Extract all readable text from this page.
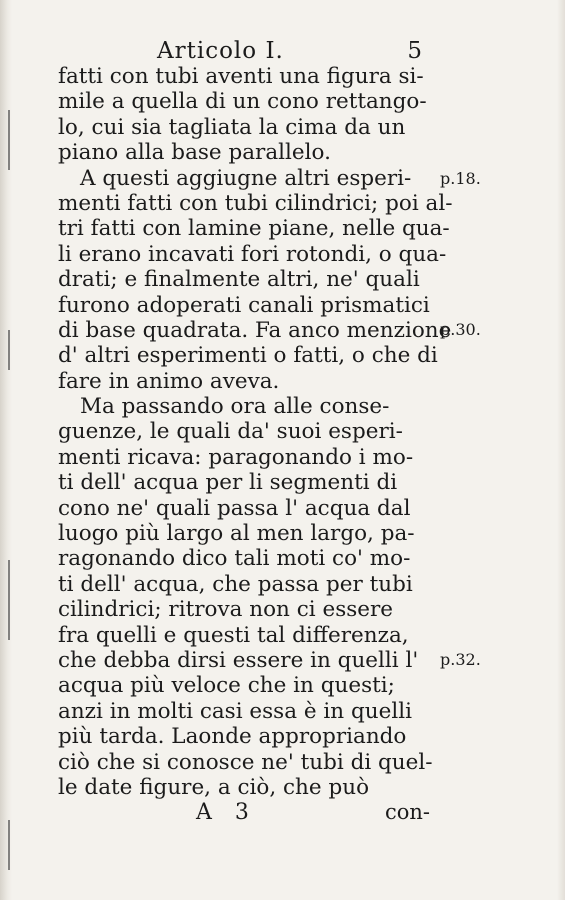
Articolo I.	5
fatti con tubi aventi una figura si-
mile a quella di un cono rettango-
lo, cui sia tagliata la cima da un
piano alla base parallelo.
A questi aggiugne altri esperi-
menti fatti con tubi cilindrici; poi al-
tri fatti con lamine piane, nelle qua-
li erano incavati fori rotondi, o qua-
drati; e finalmente altri, ne' quali
furono adoperati canali prismatici
di base quadrata. Fa anco menzione
d' altri esperimenti o fatti, o che di
fare in animo aveva.
Ma passando ora alle conse-
guenze, le quali da' suoi esperi-
menti ricava: paragonando i mo-
ti dell' acqua per li segmenti di
cono ne' quali passa l' acqua dal
luogo più largo al men largo, pa-
ragonando dico tali moti co' mo-
ti dell' acqua, che passa per tubi
cilindrici; ritrova non ci essere
fra quelli e questi tal differenza,
che debba dirsi essere in quelli l'
acqua più veloce che in questi;
anzi in molti casi essa è in quelli
più tarda. Laonde appropriando
ciò che si conosce ne' tubi di quel-
le date figure, a ciò, che può
p.18.
p.30.
p.32.
A 3	con-
